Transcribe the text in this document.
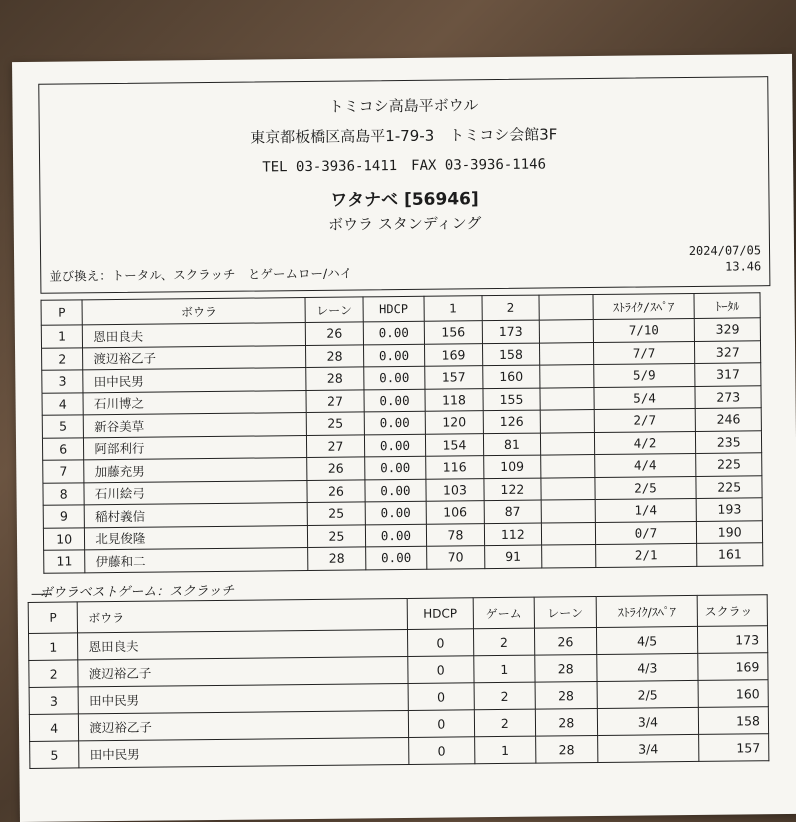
トミコシ高島平ボウル
東京都板橋区高島平1-79-3　トミコシ会館3F
TEL 03-3936-1411　FAX 03-3936-1146
ワタナベ [56946]
ボウラ スタンディング
2024/07/05
並び換え：トータル、スクラッチ　とゲームロー/ハイ	13.46
P	ボウラ	レーン	HDCP	1	2		ｽﾄﾗｲｸ/ｽﾍﾟｱ	ﾄｰﾀﾙ
1	恩田良夫	26	0.00	156	173		7/10	329
2	渡辺裕乙子	28	0.00	169	158		7/7	327
3	田中民男	28	0.00	157	160		5/9	317
4	石川博之	27	0.00	118	155		5/4	273
5	新谷美草	25	0.00	120	126		2/7	246
6	阿部利行	27	0.00	154	81		4/2	235
7	加藤充男	26	0.00	116	109		4/4	225
8	石川絵弓	26	0.00	103	122		2/5	225
9	稲村義信	25	0.00	106	87		1/4	193
10	北見俊隆	25	0.00	78	112		0/7	190
11	伊藤和二	28	0.00	70	91		2/1	161
ボウラベストゲーム：スクラッチ
P	ボウラ	HDCP	ゲーム	レーン	ｽﾄﾗｲｸ/ｽﾍﾟｱ	スクラッ
1	恩田良夫	0	2	26	4/5	173
2	渡辺裕乙子	0	1	28	4/3	169
3	田中民男	0	2	28	2/5	160
4	渡辺裕乙子	0	2	28	3/4	158
5	田中民男	0	1	28	3/4	157
